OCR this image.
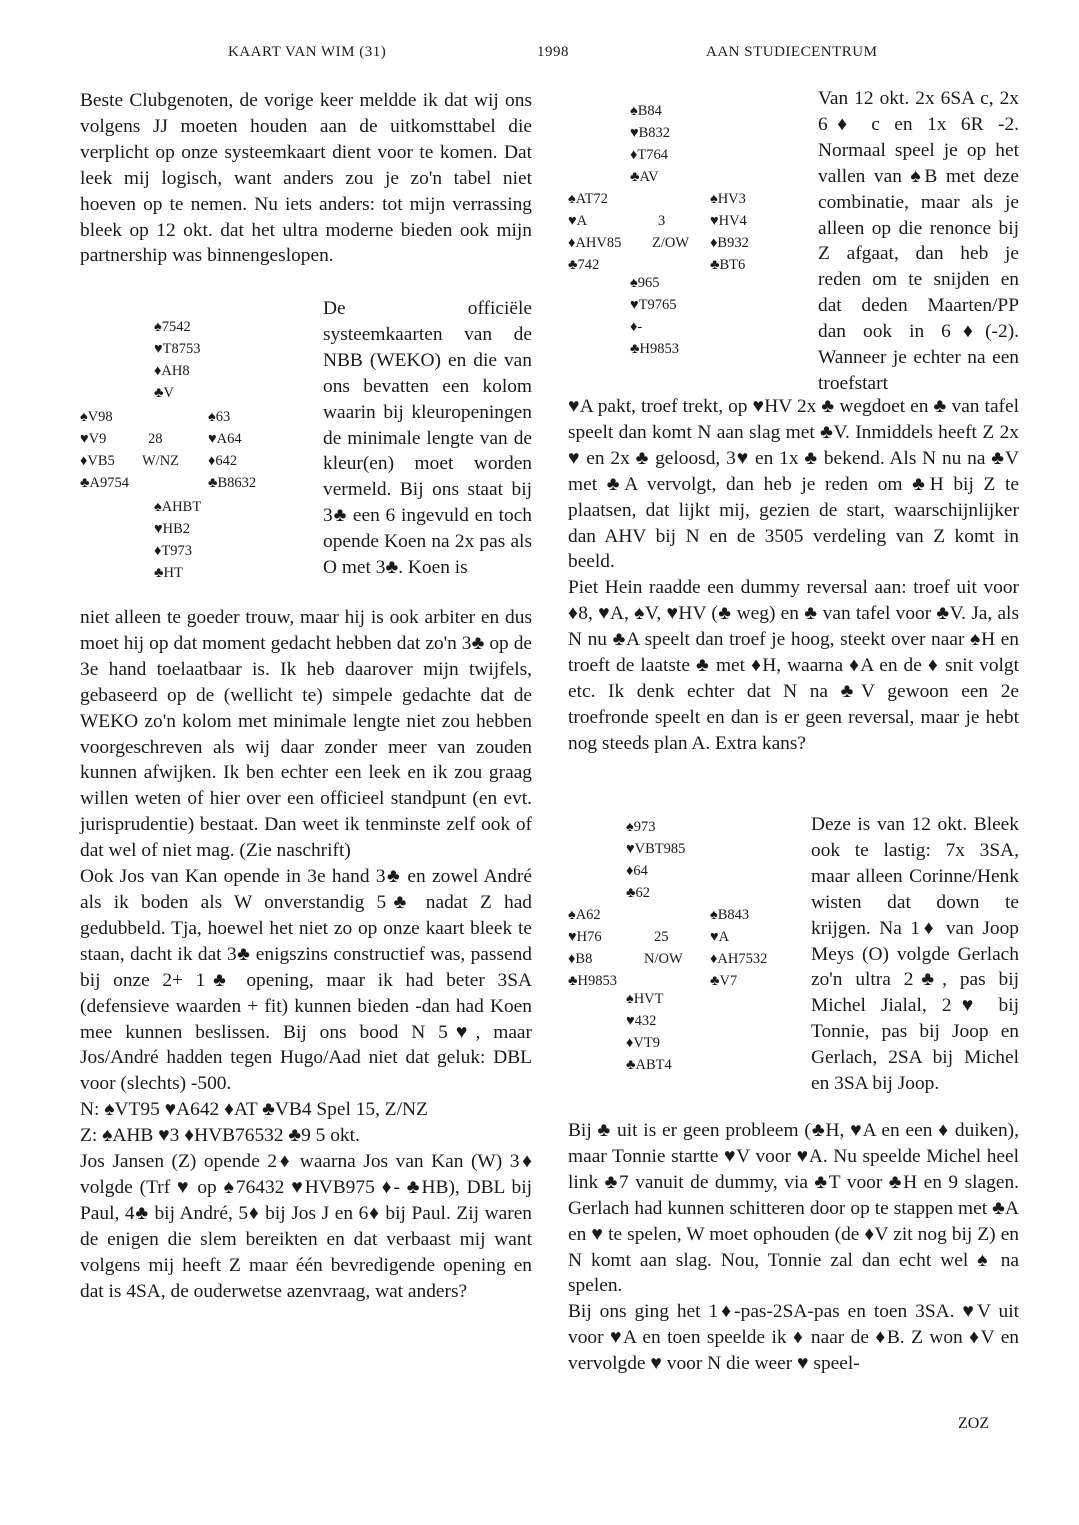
KAART VAN WIM (31)	1998	AAN STUDIECENTRUM

Beste Clubgenoten, de vorige keer meldde ik dat wij ons volgens JJ moeten houden aan de uitkomsttabel die verplicht op onze systeemkaart dient voor te komen. Dat leek mij logisch, want anders zou je zo'n tabel niet hoeven op te nemen. Nu iets anders: tot mijn verrassing bleek op 12 okt. dat het ultra moderne bieden ook mijn partnership was binnengeslopen.

♠7542
♥T8753
♦AH8
♣V
♠V98
♥V9
♦VB5
♣A9754
28
W/NZ
♠63
♥A64
♦642
♣B8632
♠AHBT
♥HB2
♦T973
♣HT

De officiële systeemkaarten van de NBB (WEKO) en die van ons bevatten een kolom waarin bij kleuropeningen de minimale lengte van de kleur(en) moet worden vermeld. Bij ons staat bij 3♣ een 6 ingevuld en toch opende Koen na 2x pas als O met 3♣. Koen is

niet alleen te goeder trouw, maar hij is ook arbiter en dus moet hij op dat moment gedacht hebben dat zo'n 3♣ op de 3e hand toelaatbaar is. Ik heb daarover mijn twijfels, gebaseerd op de (wellicht te) simpele gedachte dat de WEKO zo'n kolom met minimale lengte niet zou hebben voorgeschreven als wij daar zonder meer van zouden kunnen afwijken. Ik ben echter een leek en ik zou graag willen weten of hier over een officieel standpunt (en evt. jurisprudentie) bestaat. Dan weet ik tenminste zelf ook of dat wel of niet mag. (Zie naschrift)

Ook Jos van Kan opende in 3e hand 3♣ en zowel André als ik boden als W onverstandig 5♣ nadat Z had gedubbeld. Tja, hoewel het niet zo op onze kaart bleek te staan, dacht ik dat 3♣ enigszins constructief was, passend bij onze 2+ 1♣ opening, maar ik had beter 3SA (defensieve waarden + fit) kunnen bieden -dan had Koen mee kunnen beslissen. Bij ons bood N 5♥, maar Jos/André hadden tegen Hugo/Aad niet dat geluk: DBL voor (slechts) -500.

N: ♠VT95 ♥A642 ♦AT ♣VB4 Spel 15, Z/NZ

Z: ♠AHB ♥3 ♦HVB76532 ♣9 5 okt.

Jos Jansen (Z) opende 2♦ waarna Jos van Kan (W) 3♦ volgde (Trf ♥ op ♠76432 ♥HVB975 ♦- ♣HB), DBL bij Paul, 4♣ bij André, 5♦ bij Jos J en 6♦ bij Paul. Zij waren de enigen die slem bereikten en dat verbaast mij want volgens mij heeft Z maar één bevredigende opening en dat is 4SA, de ouderwetse azenvraag, wat anders?

♠B84
♥B832
♦T764
♣AV
♠AT72
♥A
♦AHV85
♣742
3
Z/OW
♠HV3
♥HV4
♦B932
♣BT6
♠965
♥T9765
♦-
♣H9853

Van 12 okt. 2x 6SA c, 2x 6♦ c en 1x 6R -2. Normaal speel je op het vallen van ♠B met deze combinatie, maar als je alleen op die renonce bij Z afgaat, dan heb je reden om te snijden en dat deden Maarten/PP dan ook in 6♦(-2). Wanneer je echter na een troefstart

♥A pakt, troef trekt, op ♥HV 2x ♣ wegdoet en ♣ van tafel speelt dan komt N aan slag met ♣V. Inmiddels heeft Z 2x ♥ en 2x ♣ geloosd, 3♥ en 1x ♣ bekend. Als N nu na ♣V met ♣A vervolgt, dan heb je reden om ♣H bij Z te plaatsen, dat lijkt mij, gezien de start, waarschijnlijker dan AHV bij N en de 3505 verdeling van Z komt in beeld.

Piet Hein raadde een dummy reversal aan: troef uit voor ♦8, ♥A, ♠V, ♥HV (♣ weg) en ♣ van tafel voor ♣V. Ja, als N nu ♣A speelt dan troef je hoog, steekt over naar ♠H en troeft de laatste ♣ met ♦H, waarna ♦A en de ♦ snit volgt etc. Ik denk echter dat N na ♣V gewoon een 2e troefronde speelt en dan is er geen reversal, maar je hebt nog steeds plan A. Extra kans?

♠973
♥VBT985
♦64
♣62
♠A62
♥H76
♦B8
♣H9853
25
N/OW
♠B843
♥A
♦AH7532
♣V7
♠HVT
♥432
♦VT9
♣ABT4

Deze is van 12 okt. Bleek ook te lastig: 7x 3SA, maar alleen Corinne/Henk wisten dat down te krijgen. Na 1♦ van Joop Meys (O) volgde Gerlach zo'n ultra 2♣, pas bij Michel Jialal, 2♥ bij Tonnie, pas bij Joop en Gerlach, 2SA bij Michel en 3SA bij Joop.

Bij ♣ uit is er geen probleem (♣H, ♥A en een ♦ duiken), maar Tonnie startte ♥V voor ♥A. Nu speelde Michel heel link ♣7 vanuit de dummy, via ♣T voor ♣H en 9 slagen. Gerlach had kunnen schitteren door op te stappen met ♣A en ♥ te spelen, W moet ophouden (de ♦V zit nog bij Z) en N komt aan slag. Nou, Tonnie zal dan echt wel ♠ na spelen.

Bij ons ging het 1♦-pas-2SA-pas en toen 3SA. ♥V uit voor ♥A en toen speelde ik ♦ naar de ♦B. Z won ♦V en vervolgde ♥ voor N die weer ♥ speel-

ZOZ
